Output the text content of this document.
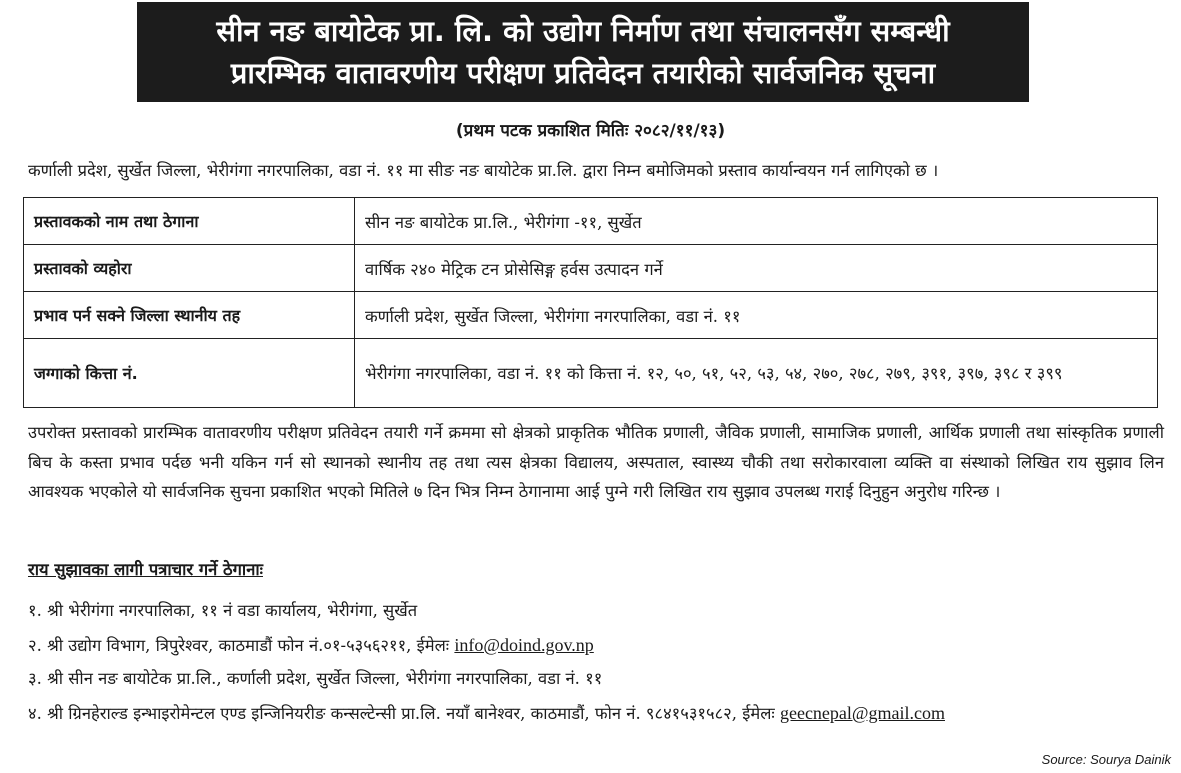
सीन नङ बायोटेक प्रा. लि. को उद्योग निर्माण तथा संचालनसँग सम्बन्धी
प्रारम्भिक वातावरणीय परीक्षण प्रतिवेदन तयारीको सार्वजनिक सूचना
(प्रथम पटक प्रकाशित मितिः २०८२/११/१३)
कर्णाली प्रदेश, सुर्खेत जिल्ला, भेरीगंगा नगरपालिका, वडा नं. ११ मा सीङ नङ बायोटेक प्रा.लि. द्वारा निम्न बमोजिमको प्रस्ताव कार्यान्वयन गर्न लागिएको छ ।
प्रस्तावकको नाम तथा ठेगाना	सीन नङ बायोटेक प्रा.लि., भेरीगंगा -११, सुर्खेत
प्रस्तावको व्यहोरा	वार्षिक २४० मेट्रिक टन प्रोसेसिङ्ग हर्वस उत्पादन गर्ने
प्रभाव पर्न सक्ने जिल्ला स्थानीय तह	कर्णाली प्रदेश, सुर्खेत जिल्ला, भेरीगंगा नगरपालिका, वडा नं. ११
जग्गाको कित्ता नं.	भेरीगंगा नगरपालिका, वडा नं. ११ को कित्ता नं. १२, ५०, ५१, ५२, ५३, ५४, २७०, २७८, २७९, ३९१, ३९७, ३९८ र ३९९
उपरोक्त प्रस्तावको प्रारम्भिक वातावरणीय परीक्षण प्रतिवेदन तयारी गर्ने क्रममा सो क्षेत्रको प्राकृतिक भौतिक प्रणाली, जैविक प्रणाली, सामाजिक प्रणाली, आर्थिक प्रणाली तथा सांस्कृतिक प्रणाली बिच के कस्ता प्रभाव पर्दछ भनी यकिन गर्न सो स्थानको स्थानीय तह तथा त्यस क्षेत्रका विद्यालय, अस्पताल, स्वास्थ्य चौकी तथा सरोकारवाला व्यक्ति वा संस्थाको लिखित राय सुझाव लिन आवश्यक भएकोले यो सार्वजनिक सुचना प्रकाशित भएको मितिले ७ दिन भित्र निम्न ठेगानामा आई पुग्ने गरी लिखित राय सुझाव उपलब्ध गराई दिनुहुन अनुरोध गरिन्छ ।
राय सुझावका लागी पत्राचार गर्ने ठेगानाः
१. श्री भेरीगंगा नगरपालिका, ११ नं वडा कार्यालय, भेरीगंगा, सुर्खेत
२. श्री उद्योग विभाग, त्रिपुरेश्वर, काठमाडौं फोन नं.०१-५३५६२११, ईमेलः info@doind.gov.np
३. श्री सीन नङ बायोटेक प्रा.लि., कर्णाली प्रदेश, सुर्खेत जिल्ला, भेरीगंगा नगरपालिका, वडा नं. ११
४. श्री ग्रिनहेराल्ड इन्भाइरोमेन्टल एण्ड इन्जिनियरीङ कन्सल्टेन्सी प्रा.लि. नयाँ बानेश्वर, काठमाडौं, फोन नं. ९८४१५३१५८२, ईमेलः geecnepal@gmail.com
Source: Sourya Dainik
